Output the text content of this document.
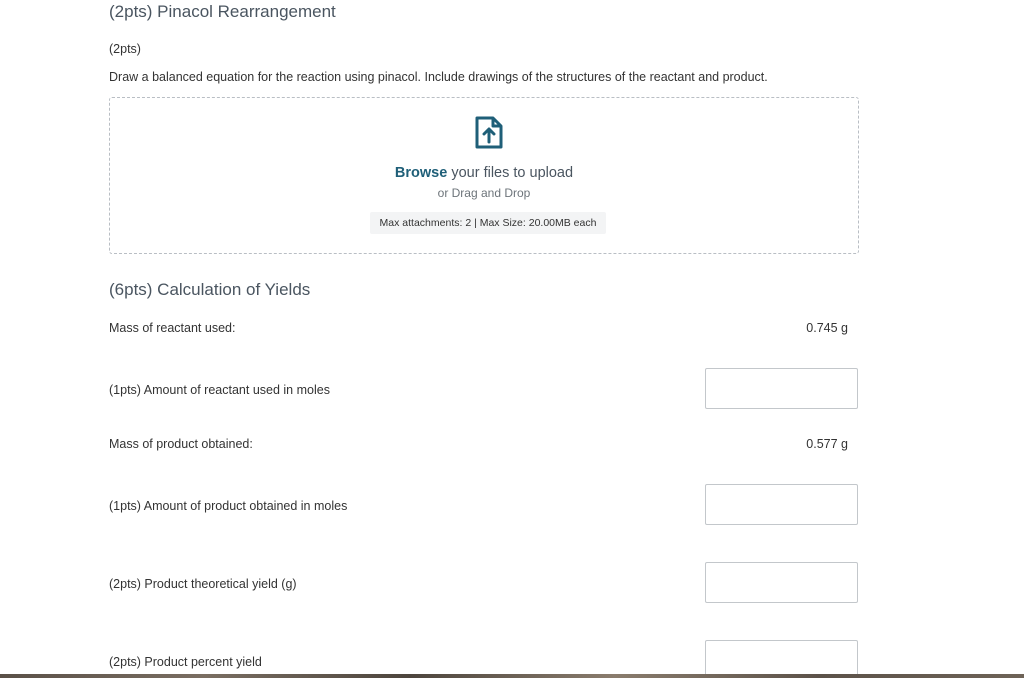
(2pts) Pinacol Rearrangement
(2pts)
Draw a balanced equation for the reaction using pinacol. Include drawings of the structures of the reactant and product.
Browse your files to upload
or Drag and Drop
Max attachments: 2 | Max Size: 20.00MB each
(6pts) Calculation of Yields
Mass of reactant used:	0.745 g
(1pts) Amount of reactant used in moles
Mass of product obtained:	0.577 g
(1pts) Amount of product obtained in moles
(2pts) Product theoretical yield (g)
(2pts) Product percent yield
